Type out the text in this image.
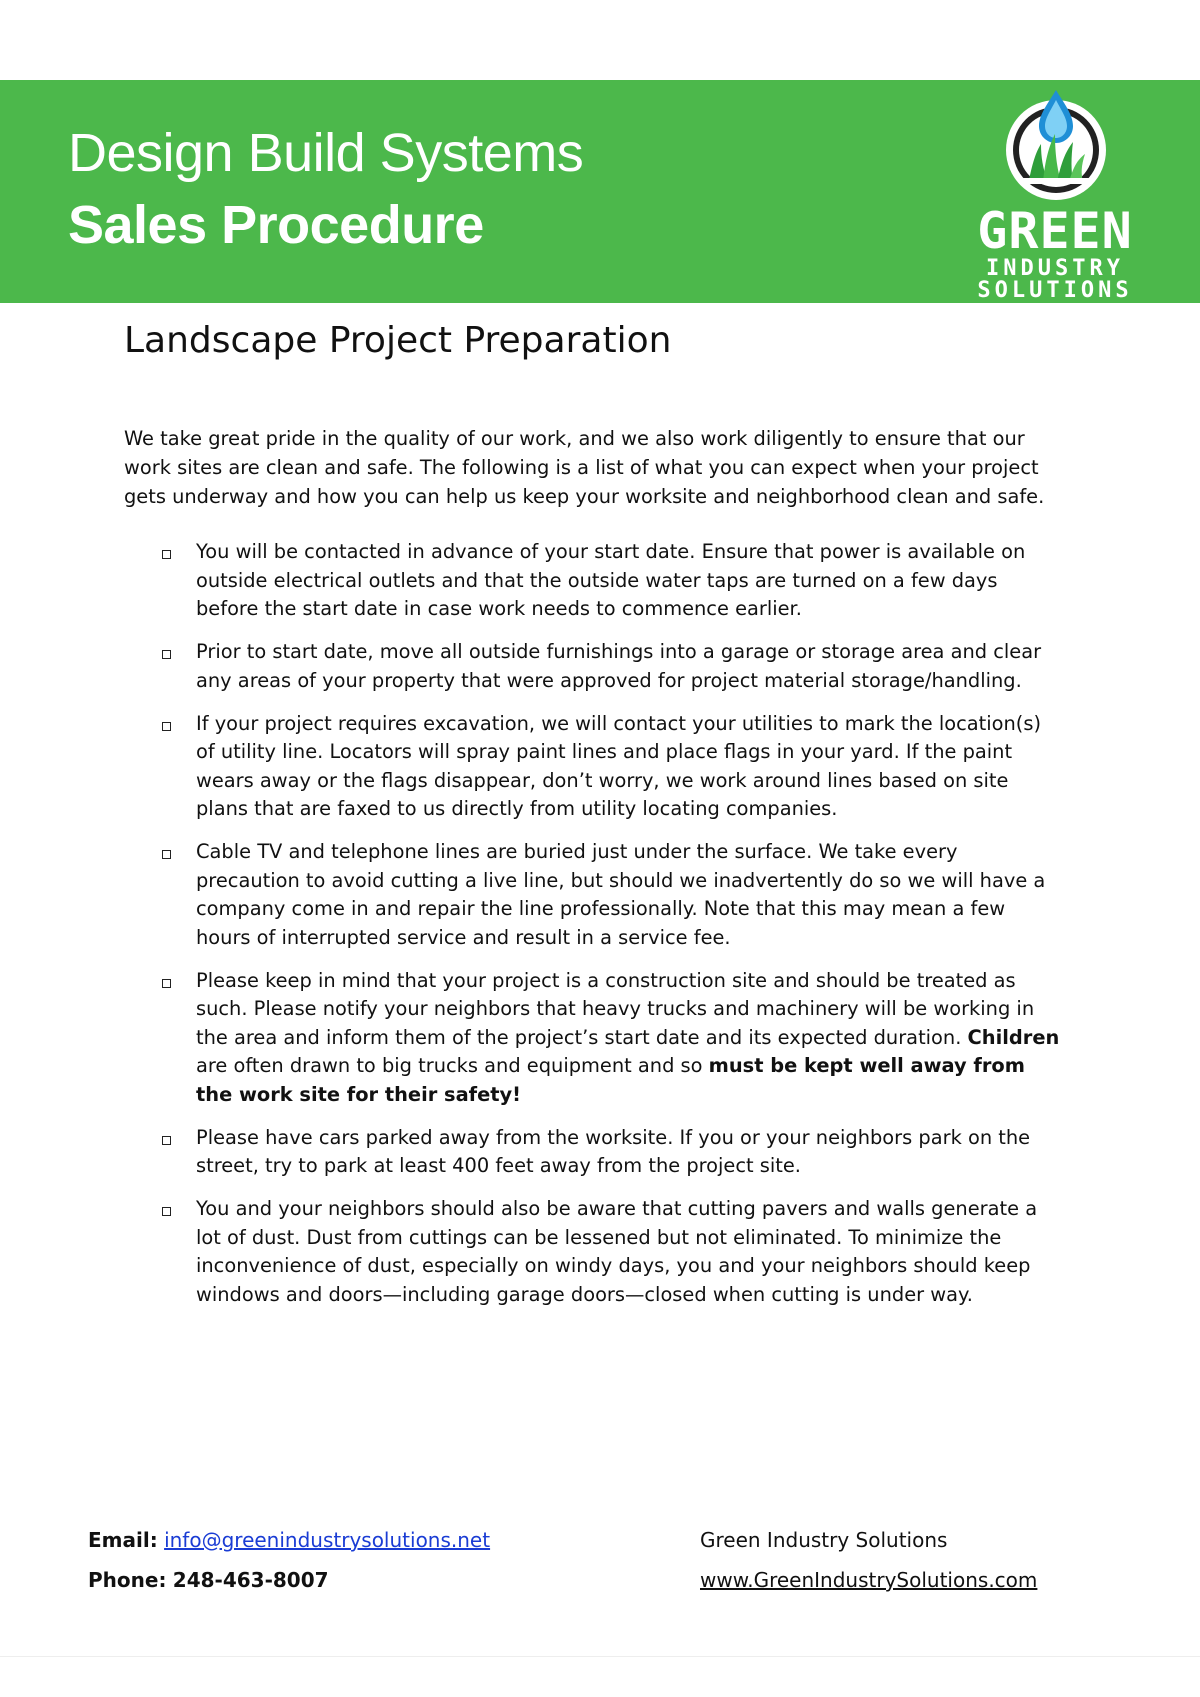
Design Build Systems
Sales Procedure	GREEN
INDUSTRY
SOLUTIONS
Landscape Project Preparation

We take great pride in the quality of our work, and we also work diligently to ensure that our work sites are clean and safe. The following is a list of what you can expect when your project gets underway and how you can help us keep your worksite and neighborhood clean and safe.

You will be contacted in advance of your start date. Ensure that power is available on outside electrical outlets and that the outside water taps are turned on a few days before the start date in case work needs to commence earlier.
Prior to start date, move all outside furnishings into a garage or storage area and clear any areas of your property that were approved for project material storage/handling.
If your project requires excavation, we will contact your utilities to mark the location(s) of utility line. Locators will spray paint lines and place flags in your yard. If the paint wears away or the flags disappear, don’t worry, we work around lines based on site plans that are faxed to us directly from utility locating companies.
Cable TV and telephone lines are buried just under the surface. We take every precaution to avoid cutting a live line, but should we inadvertently do so we will have a company come in and repair the line professionally. Note that this may mean a few hours of interrupted service and result in a service fee.
Please keep in mind that your project is a construction site and should be treated as such. Please notify your neighbors that heavy trucks and machinery will be working in the area and inform them of the project’s start date and its expected duration. Children are often drawn to big trucks and equipment and so must be kept well away from the work site for their safety!
Please have cars parked away from the worksite. If you or your neighbors park on the street, try to park at least 400 feet away from the project site.
You and your neighbors should also be aware that cutting pavers and walls generate a lot of dust. Dust from cuttings can be lessened but not eliminated. To minimize the inconvenience of dust, especially on windy days, you and your neighbors should keep windows and doors—including garage doors—closed when cutting is under way.
Email: info@greenindustrysolutions.net
Phone: 248-463-8007
Green Industry Solutions
www.GreenIndustrySolutions.com
